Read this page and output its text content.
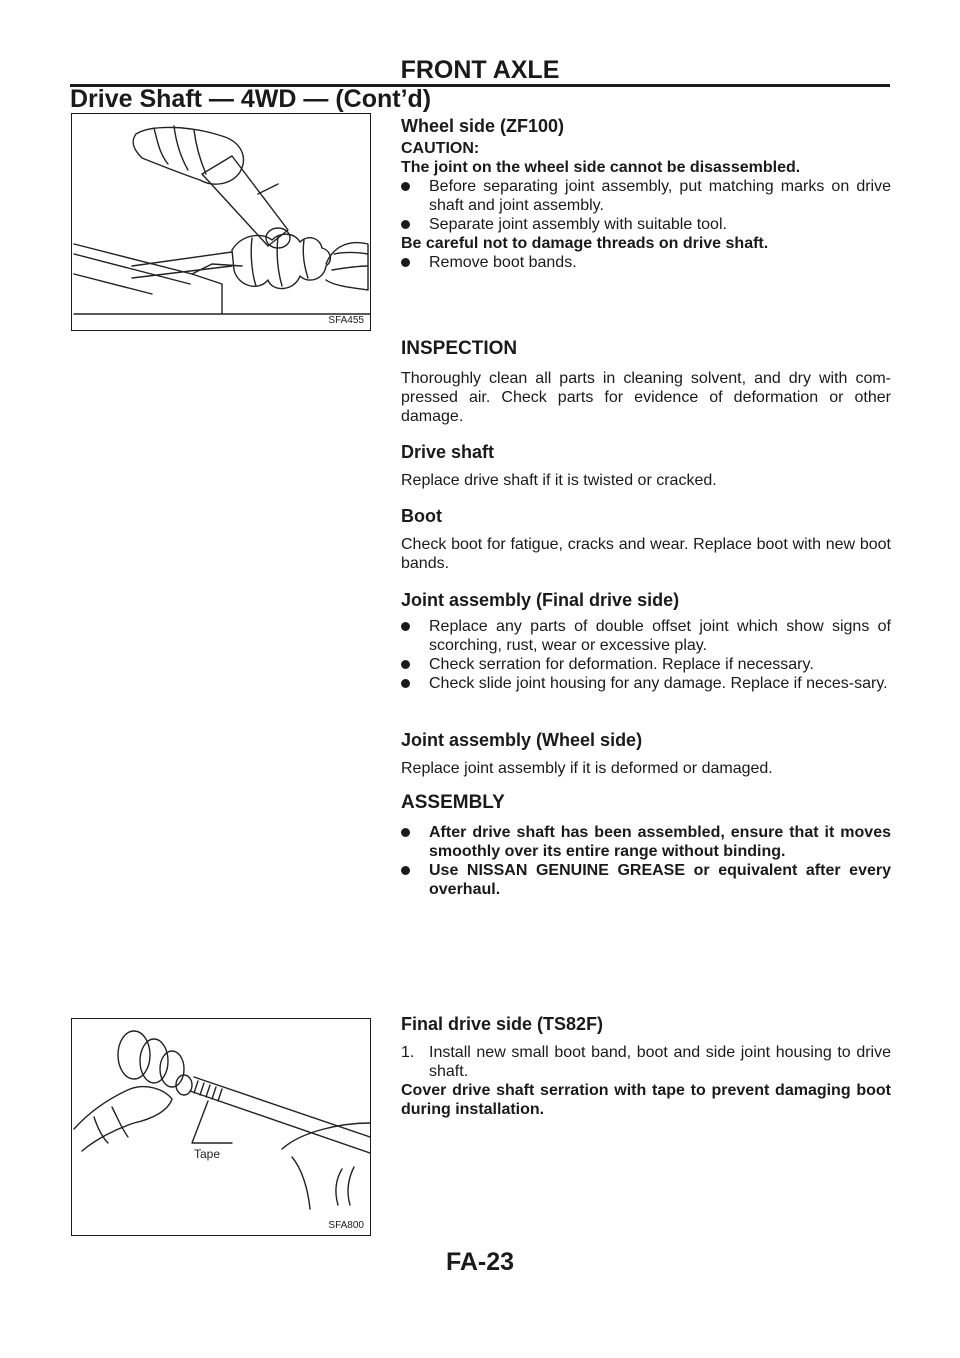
FRONT AXLE
Drive Shaft — 4WD — (Cont’d)
SFA455
Tape
SFA800
Wheel side (ZF100)
CAUTION:
The joint on the wheel side cannot be disassembled.
Before separating joint assembly, put matching marks on drive shaft and joint assembly.
Separate joint assembly with suitable tool.
Be careful not to damage threads on drive shaft.
Remove boot bands.
INSPECTION
Thoroughly clean all parts in cleaning solvent, and dry with com-pressed air. Check parts for evidence of deformation or other damage.
Drive shaft
Replace drive shaft if it is twisted or cracked.
Boot
Check boot for fatigue, cracks and wear. Replace boot with new boot bands.
Joint assembly (Final drive side)
Replace any parts of double offset joint which show signs of scorching, rust, wear or excessive play.
Check serration for deformation. Replace if necessary.
Check slide joint housing for any damage. Replace if neces-sary.
Joint assembly (Wheel side)
Replace joint assembly if it is deformed or damaged.
ASSEMBLY
After drive shaft has been assembled, ensure that it moves smoothly over its entire range without binding.
Use NISSAN GENUINE GREASE or equivalent after every overhaul.
Final drive side (TS82F)
1. Install new small boot band, boot and side joint housing to drive shaft.
Cover drive shaft serration with tape to prevent damaging boot during installation.
FA-23
